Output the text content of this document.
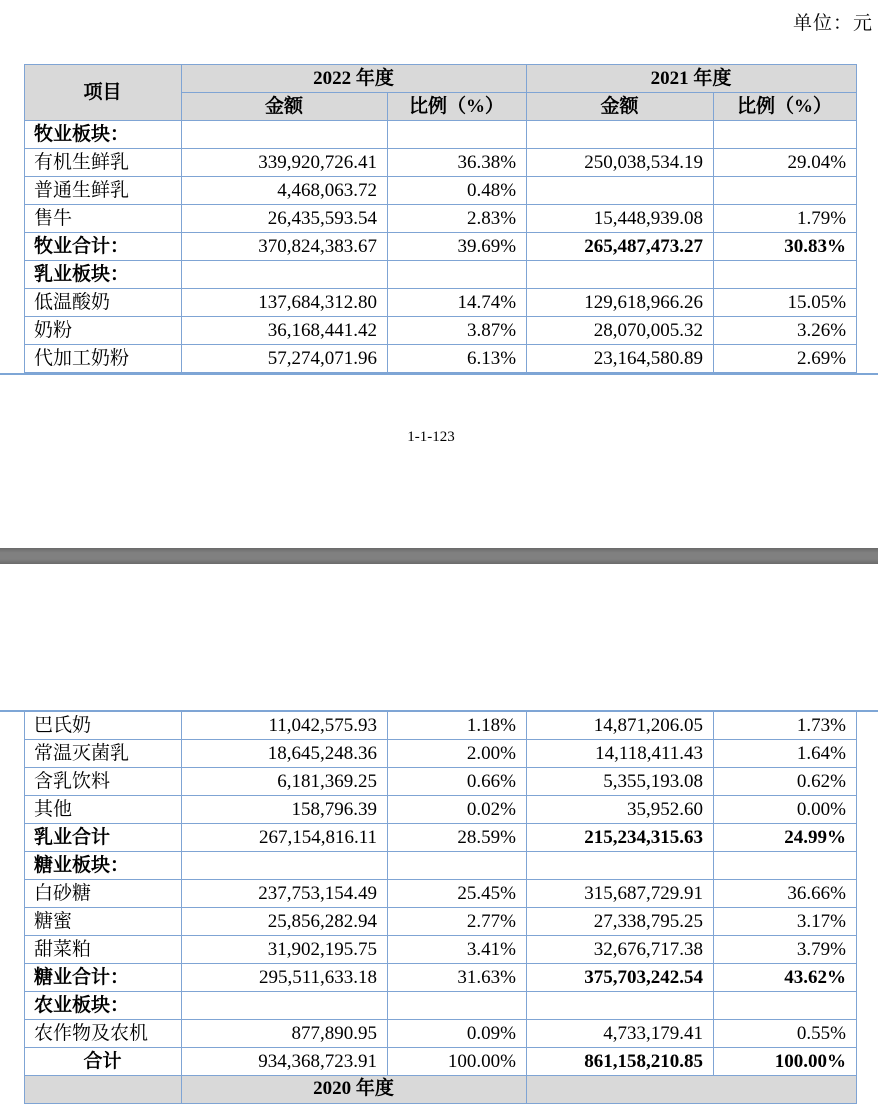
单位：元
项目	2022 年度		2021 年度	
	金额	比例（%）	金额	比例（%）
牧业板块：				
有机生鲜乳	339,920,726.41	36.38%	250,038,534.19	29.04%
普通生鲜乳	4,468,063.72	0.48%		
售牛	26,435,593.54	2.83%	15,448,939.08	1.79%
牧业合计：	370,824,383.67	39.69%	265,487,473.27	30.83%
乳业板块：				
低温酸奶	137,684,312.80	14.74%	129,618,966.26	15.05%
奶粉	36,168,441.42	3.87%	28,070,005.32	3.26%
代加工奶粉	57,274,071.96	6.13%	23,164,580.89	2.69%
1-1-123
巴氏奶	11,042,575.93	1.18%	14,871,206.05	1.73%
常温灭菌乳	18,645,248.36	2.00%	14,118,411.43	1.64%
含乳饮料	6,181,369.25	0.66%	5,355,193.08	0.62%
其他	158,796.39	0.02%	35,952.60	0.00%
乳业合计	267,154,816.11	28.59%	215,234,315.63	24.99%
糖业板块：				
白砂糖	237,753,154.49	25.45%	315,687,729.91	36.66%
糖蜜	25,856,282.94	2.77%	27,338,795.25	3.17%
甜菜粕	31,902,195.75	3.41%	32,676,717.38	3.79%
糖业合计：	295,511,633.18	31.63%	375,703,242.54	43.62%
农业板块：				
农作物及农机	877,890.95	0.09%	4,733,179.41	0.55%
合计	934,368,723.91	100.00%	861,158,210.85	100.00%
	2020 年度			
